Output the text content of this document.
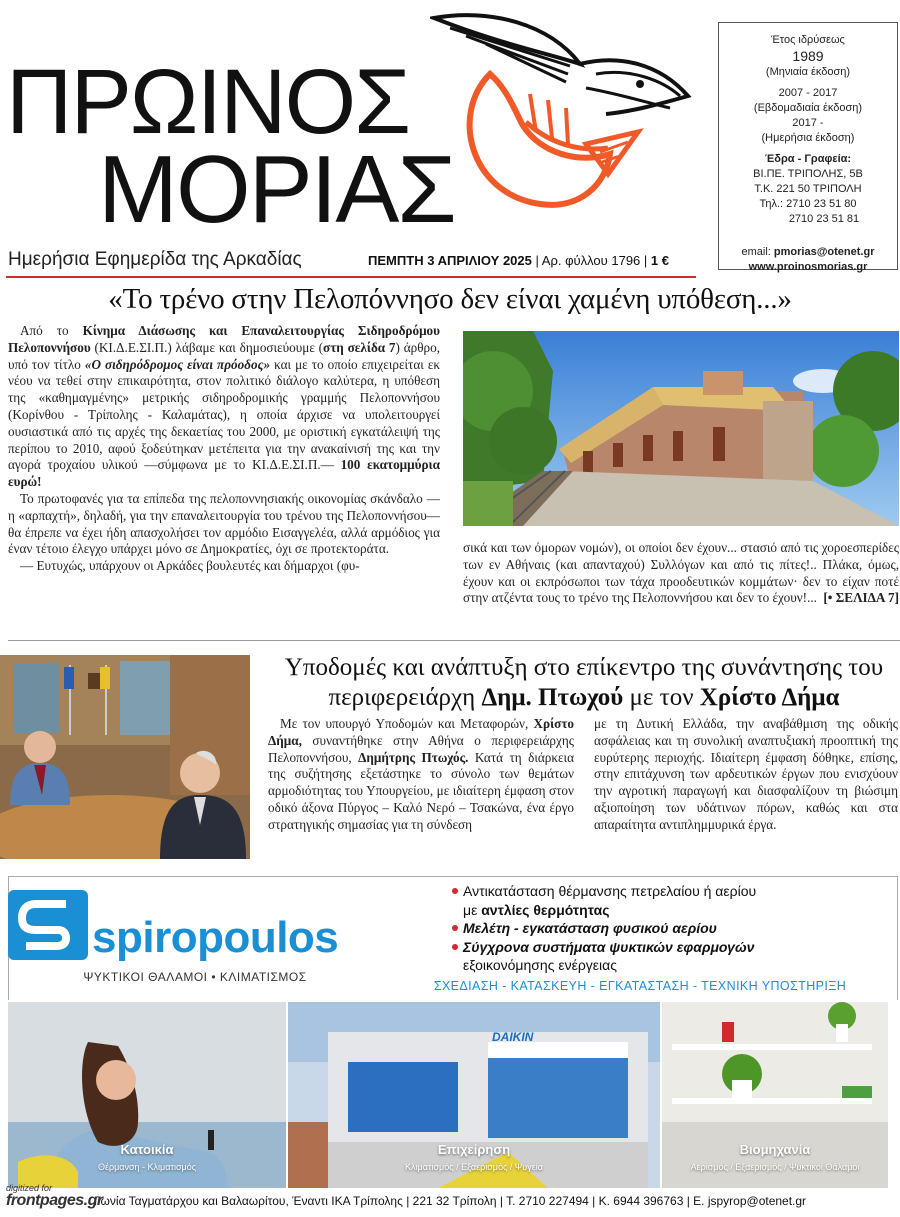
ΠΡΩΙΝΟΣ
ΜΟΡΙΑΣ
Ημερήσια Εφημερίδα της Αρκαδίας	ΠΕΜΠΤΗ 3 ΑΠΡΙΛΙΟΥ 2025 | Αρ. φύλλου 1796 | 1 €
Έτος ιδρύσεως
1989
(Μηνιαία έκδοση)
2007 - 2017
(Εβδομαδιαία έκδοση)
2017 -
(Ημερήσια έκδοση)
Έδρα - Γραφεία:
ΒΙ.ΠΕ. ΤΡΙΠΟΛΗΣ, 5Β
Τ.Κ. 221 50 ΤΡΙΠΟΛΗ
Τηλ.: 2710 23 51 80
2710 23 51 81
email: pmorias@otenet.gr
www.proinosmorias.gr
«Το τρένο στην Πελοπόννησο δεν είναι χαμένη υπόθεση...»

Από το Κίνημα Διάσωσης και Επαναλειτουργίας Σιδηροδρόμου Πελοποννήσου (ΚΙ.Δ.Ε.ΣΙ.Π.) λάβαμε και δημοσιεύουμε (στη σελίδα 7) άρθρο, υπό τον τίτλο «Ο σιδηρόδρομος είναι πρόοδος» και με το οποίο επιχειρείται εκ νέου να τεθεί στην επικαιρότητα, στον πολιτικό διάλογο καλύτερα, η υπόθεση της «καθημαγμένης» μετρικής σιδηροδρομικής γραμμής Πελοποννήσου (Κορίνθου - Τρίπολης - Καλαμάτας), η οποία άρχισε να υπολειτουργεί ουσιαστικά από τις αρχές της δεκαετίας του 2000, με οριστική εγκατάλειψή της περίπου το 2010, αφού ξοδεύτηκαν μετέπειτα για την ανακαίνισή της και την αγορά τροχαίου υλικού —σύμφωνα με το ΚΙ.Δ.Ε.ΣΙ.Π.— 100 εκατομμύρια ευρώ!

Το πρωτοφανές για τα επίπεδα της πελοποννησιακής οικονομίας σκάνδαλο —η «αρπαχτή», δηλαδή, για την επαναλειτουργία του τρένου της Πελοποννήσου— θα έπρεπε να έχει ήδη απασχολήσει τον αρμόδιο Εισαγγελέα, αλλά αρμόδιος για έναν τέτοιο έλεγχο υπάρχει μόνο σε Δημοκρατίες, όχι σε προτεκτοράτα.

— Ευτυχώς, υπάρχουν οι Αρκάδες βουλευτές και δήμαρχοι (φυ-

σικά και των όμορων νομών), οι οποίοι δεν έχουν... στασιό από τις χοροεσπερίδες των εν Αθήναις (και απανταχού) Συλλόγων και από τις πίτες!.. Πλάκα, όμως, έχουν και οι εκπρόσωποι των τάχα προοδευτικών κομμάτων· δεν το είχαν ποτέ στην ατζέντα τους το τρένο της Πελοποννήσου και δεν το έχουν!... [• ΣΕΛΙΔΑ 7]
Υποδομές και ανάπτυξη στο επίκεντρο της συνάντησης του περιφερειάρχη Δημ. Πτωχού με τον Χρίστο Δήμα

Με τον υπουργό Υποδομών και Μεταφορών, Χρίστο Δήμα, συναντήθηκε στην Αθήνα ο περιφερειάρχης Πελοποννήσου, Δημήτρης Πτωχός. Κατά τη διάρκεια της συζήτησης εξετάστηκε το σύνολο των θεμάτων αρμοδιότητας του Υπουργείου, με ιδιαίτερη έμφαση στον οδικό άξονα Πύργος – Καλό Νερό – Τσακώνα, ένα έργο στρατηγικής σημασίας για τη σύνδεση

με τη Δυτική Ελλάδα, την αναβάθμιση της οδικής ασφάλειας και τη συνολική αναπτυξιακή προοπτική της ευρύτερης περιοχής. Ιδιαίτερη έμφαση δόθηκε, επίσης, στην επιτάχυνση των αρδευτικών έργων που ενισχύουν την αγροτική παραγωγή και διασφαλίζουν τη βιώσιμη αξιοποίηση των υδάτινων πόρων, καθώς και στα απαραίτητα αντιπλημμυρικά έργα.
spiropoulos
ΨΥΚΤΙΚΟΙ ΘΑΛΑΜΟΙ • ΚΛΙΜΑΤΙΣΜΟΣ
Αντικατάσταση θέρμανσης πετρελαίου ή αερίου
με αντλίες θερμότητας
Μελέτη - εγκατάσταση φυσικού αερίου
Σύγχρονα συστήματα ψυκτικών εφαρμογών
εξοικονόμησης ενέργειας
ΣΧΕΔΙΑΣΗ - ΚΑΤΑΣΚΕΥΗ - ΕΓΚΑΤΑΣΤΑΣΗ - ΤΕΧΝΙΚΗ ΥΠΟΣΤΗΡΙΞΗ
Κατοικία
Θέρμανση - Κλιματισμός
DAIKIN
Επιχείρηση
Κλιματισμός / Εξαερισμός / Ψυγεία
Βιομηχανία
Αερισμός / Εξαερισμός / Ψυκτικοί Θάλαμοι
Γωνία Ταγματάρχου και Βαλαωρίτου, Έναντι ΙΚΑ Τρίπολης | 221 32 Τρίπολη | Τ. 2710 227494 | Κ. 6944 396763 | Ε. jspyrop@otenet.gr
digitized for
frontpages.gr
